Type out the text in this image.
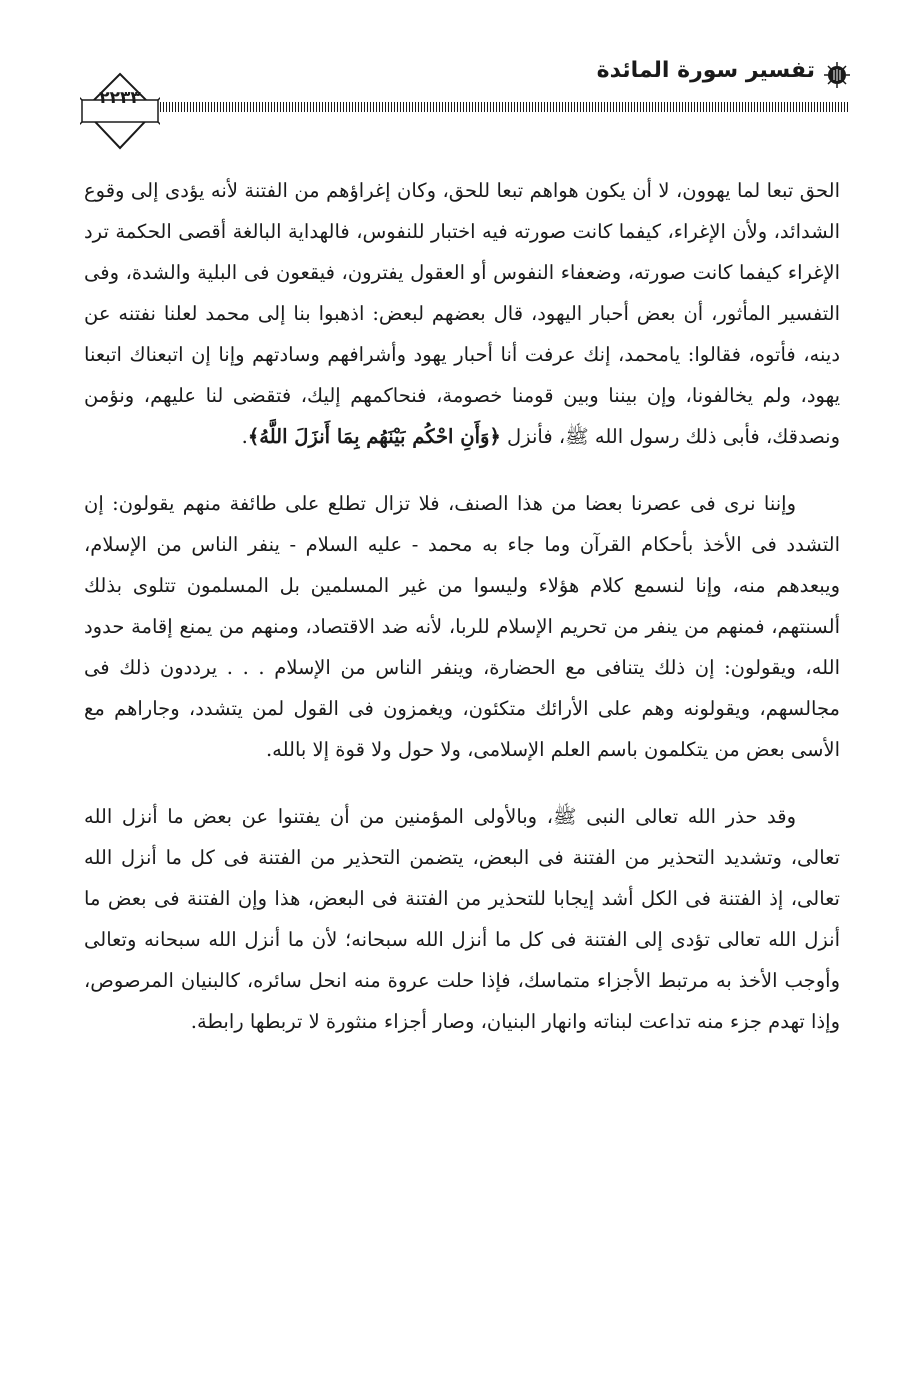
تفسير سورة المائدة
٢٢٣٣

الحق تبعا لما يهوون، لا أن يكون هواهم تبعا للحق، وكان إغراؤهم من الفتنة لأنه يؤدى إلى وقوع الشدائد، ولأن الإغراء، كيفما كانت صورته فيه اختبار للنفوس، فالهداية البالغة أقصى الحكمة ترد الإغراء كيفما كانت صورته، وضعفاء النفوس أو العقول يفترون، فيقعون فى البلية والشدة، وفى التفسير المأثور، أن بعض أحبار اليهود، قال بعضهم لبعض: اذهبوا بنا إلى محمد لعلنا نفتنه عن دينه، فأتوه، فقالوا: يامحمد، إنك عرفت أنا أحبار يهود وأشرافهم وسادتهم وإنا إن اتبعناك اتبعنا يهود، ولم يخالفونا، وإن بيننا وبين قومنا خصومة، فنحاكمهم إليك، فتقضى لنا عليهم، ونؤمن ونصدقك، فأبى ذلك رسول الله ﷺ، فأنزل ﴿وَأَنِ احْكُم بَيْنَهُم بِمَا أَنزَلَ اللَّهُ﴾.

وإننا نرى فى عصرنا بعضا من هذا الصنف، فلا تزال تطلع على طائفة منهم يقولون: إن التشدد فى الأخذ بأحكام القرآن وما جاء به محمد - عليه السلام - ينفر الناس من الإسلام، ويبعدهم منه، وإنا لنسمع كلام هؤلاء وليسوا من غير المسلمين بل المسلمون تتلوى بذلك ألسنتهم، فمنهم من ينفر من تحريم الإسلام للربا، لأنه ضد الاقتصاد، ومنهم من يمنع إقامة حدود الله، ويقولون: إن ذلك يتنافى مع الحضارة، وينفر الناس من الإسلام . . . يرددون ذلك فى مجالسهم، ويقولونه وهم على الأرائك متكئون، ويغمزون فى القول لمن يتشدد، وجاراهم مع الأسى بعض من يتكلمون باسم العلم الإسلامى، ولا حول ولا قوة إلا بالله.

وقد حذر الله تعالى النبى ﷺ، وبالأولى المؤمنين من أن يفتنوا عن بعض ما أنزل الله تعالى، وتشديد التحذير من الفتنة فى البعض، يتضمن التحذير من الفتنة فى كل ما أنزل الله تعالى، إذ الفتنة فى الكل أشد إيجابا للتحذير من الفتنة فى البعض، هذا وإن الفتنة فى بعض ما أنزل الله تعالى تؤدى إلى الفتنة فى كل ما أنزل الله سبحانه؛ لأن ما أنزل الله سبحانه وتعالى وأوجب الأخذ به مرتبط الأجزاء متماسك، فإذا حلت عروة منه انحل سائره، كالبنيان المرصوص، وإذا تهدم جزء منه تداعت لبناته وانهار البنيان، وصار أجزاء منثورة لا تربطها رابطة.
